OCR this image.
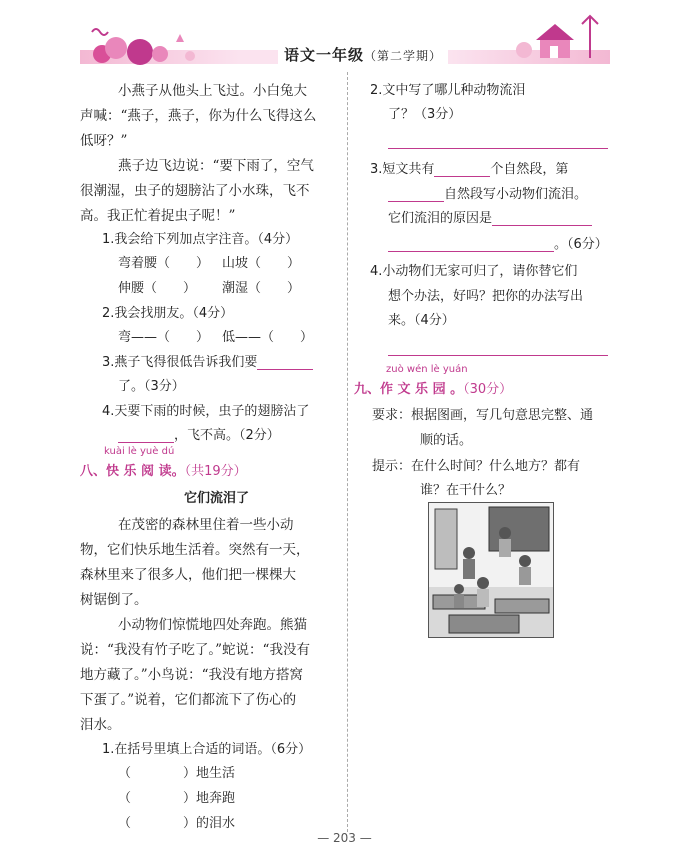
语文一年级（第二学期）
小燕子从他头上飞过。小白兔大
声喊：“燕子，燕子，你为什么飞得这么
低呀？”
燕子边飞边说：“要下雨了，空气
很潮湿，虫子的翅膀沾了小水珠，飞不
高。我正忙着捉虫子呢！”
1.我会给下列加点字注音。（4分）
弯着腰（　　） 山坡（　　）
伸腰（　　） 潮湿（　　）
2.我会找朋友。（4分）
弯——（　　） 低——（　　）
3.燕子飞得很低告诉我们要
了。（3分）
4.天要下雨的时候，虫子的翅膀沾了
，飞不高。（2分）
kuài lè yuè dú
八、快 乐 阅 读。（共19分）
它们流泪了
在茂密的森林里住着一些小动
物，它们快乐地生活着。突然有一天，
森林里来了很多人，他们把一棵棵大
树锯倒了。
小动物们惊慌地四处奔跑。熊猫
说：“我没有竹子吃了。”蛇说：“我没有
地方藏了。”小鸟说：“我没有地方搭窝
下蛋了。”说着，它们都流下了伤心的
泪水。
1.在括号里填上合适的词语。（6分）
（　　　　）地生活
（　　　　）地奔跑
（　　　　）的泪水
2.文中写了哪儿种动物流泪
了？（3分）
3.短文共有	个自然段，第
自然段写小动物们流泪。
它们流泪的原因是
。（6分）
4.小动物们无家可归了，请你替它们
想个办法，好吗？把你的办法写出
来。（4分）
zuò wén lè yuán
九、作 文 乐 园 。（30分）
要求：根据图画，写几句意思完整、通
顺的话。
提示：在什么时间？什么地方？都有
谁？在干什么？
— 203 —
